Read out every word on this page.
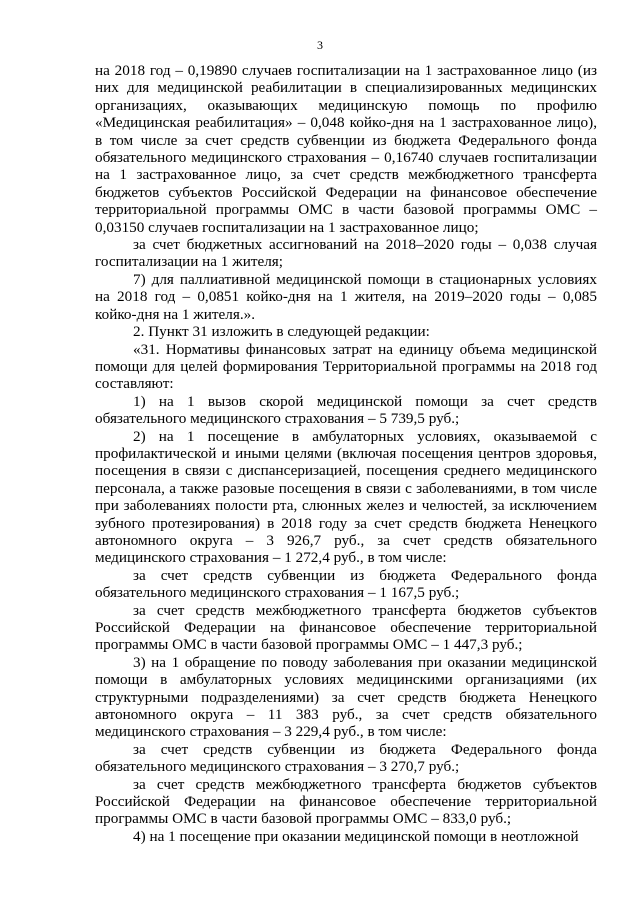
3

на 2018 год – 0,19890 случаев госпитализации на 1 застрахованное лицо (из них для медицинской реабилитации в специализированных медицинских организациях, оказывающих медицинскую помощь по профилю «Медицинская реабилитация» – 0,048 койко-дня на 1 застрахованное лицо), в том числе за счет средств субвенции из бюджета Федерального фонда обязательного медицинского страхования – 0,16740 случаев госпитализации на 1 застрахованное лицо, за счет средств межбюджетного трансферта бюджетов субъектов Российской Федерации на финансовое обеспечение территориальной программы ОМС в части базовой программы ОМС – 0,03150 случаев госпитализации на 1 застрахованное лицо;

за счет бюджетных ассигнований на 2018–2020 годы – 0,038 случая госпитализации на 1 жителя;

7) для паллиативной медицинской помощи в стационарных условиях на 2018 год – 0,0851 койко-дня на 1 жителя, на 2019–2020 годы – 0,085 койко-дня на 1 жителя.».

2. Пункт 31 изложить в следующей редакции:

«31. Нормативы финансовых затрат на единицу объема медицинской помощи для целей формирования Территориальной программы на 2018 год составляют:

1) на 1 вызов скорой медицинской помощи за счет средств обязательного медицинского страхования – 5 739,5 руб.;

2) на 1 посещение в амбулаторных условиях, оказываемой с профилактической и иными целями (включая посещения центров здоровья, посещения в связи с диспансеризацией, посещения среднего медицинского персонала, а также разовые посещения в связи с заболеваниями, в том числе при заболеваниях полости рта, слюнных желез и челюстей, за исключением зубного протезирования) в 2018 году за счет средств бюджета Ненецкого автономного округа – 3 926,7 руб., за счет средств обязательного медицинского страхования – 1 272,4 руб., в том числе:

за счет средств субвенции из бюджета Федерального фонда обязательного медицинского страхования – 1 167,5 руб.;

за счет средств межбюджетного трансферта бюджетов субъектов Российской Федерации на финансовое обеспечение территориальной программы ОМС в части базовой программы ОМС – 1 447,3 руб.;

3) на 1 обращение по поводу заболевания при оказании медицинской помощи в амбулаторных условиях медицинскими организациями (их структурными подразделениями) за счет средств бюджета Ненецкого автономного округа – 11 383 руб., за счет средств обязательного медицинского страхования – 3 229,4 руб., в том числе:

за счет средств субвенции из бюджета Федерального фонда обязательного медицинского страхования – 3 270,7 руб.;

за счет средств межбюджетного трансферта бюджетов субъектов Российской Федерации на финансовое обеспечение территориальной программы ОМС в части базовой программы ОМС – 833,0 руб.;

4) на 1 посещение при оказании медицинской помощи в неотложной
